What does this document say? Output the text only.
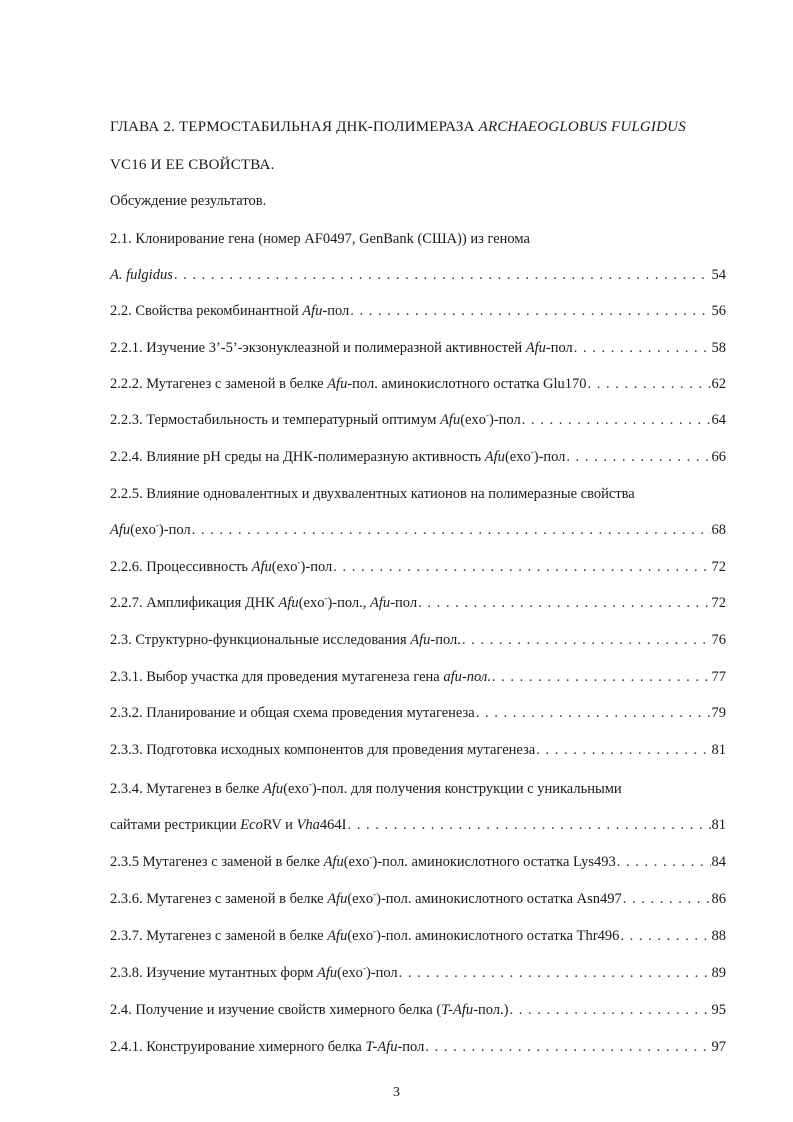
ГЛАВА 2. ТЕРМОСТАБИЛЬНАЯ ДНК-ПОЛИМЕРАЗА ARCHAEOGLOBUS FULGIDUS
VC16 И ЕЕ СВОЙСТВА.
Обсуждение результатов.
2.1. Клонирование гена (номер AF0497, GenBank (США)) из генома
A. fulgidus . . .	54
2.2. Свойства рекомбинантной Afu-пол . . .	56
2.2.1. Изучение 3’-5’-экзонуклеазной и полимеразной активностей Afu-пол . . .	58
2.2.2. Мутагенез с заменой в белке Afu-пол. аминокислотного остатка Glu170 . . .	62
2.2.3. Термостабильность и температурный оптимум Afu(exo-)-пол . . .	64
2.2.4. Влияние рН среды на ДНК-полимеразную активность Afu(exo-)-пол . . .	66
2.2.5. Влияние одновалентных и двухвалентных катионов на полимеразные свойства
Afu(exo-)-пол . . .	68
2.2.6. Процессивность Afu(exo-)-пол . . .	72
2.2.7. Амплификация ДНК Afu(exo-)-пол., Afu-пол . . .	72
2.3. Структурно-функциональные исследования Afu-пол. . . .	76
2.3.1. Выбор участка для проведения мутагенеза гена afu-пол. . . .	77
2.3.2. Планирование и общая схема проведения мутагенеза . . .	79
2.3.3. Подготовка исходных компонентов для проведения мутагенеза . . .	81
2.3.4. Мутагенез в белке Afu(exo-)-пол. для получения конструкции с уникальными
сайтами рестрикции EcoRV и Vha464I . . .	81
2.3.5 Мутагенез с заменой в белке Afu(exo-)-пол. аминокислотного остатка Lys493 . . .	84
2.3.6. Мутагенез с заменой в белке Afu(exo-)-пол. аминокислотного остатка Asn497 . . .	86
2.3.7. Мутагенез с заменой в белке Afu(exo-)-пол. аминокислотного остатка Thr496 . . .	88
2.3.8. Изучение мутантных форм Afu(exo-)-пол . . .	89
2.4. Получение и изучение свойств химерного белка (T-Afu-пол.) . . .	95
2.4.1. Конструирование химерного белка T-Afu-пол . . .	97
3
